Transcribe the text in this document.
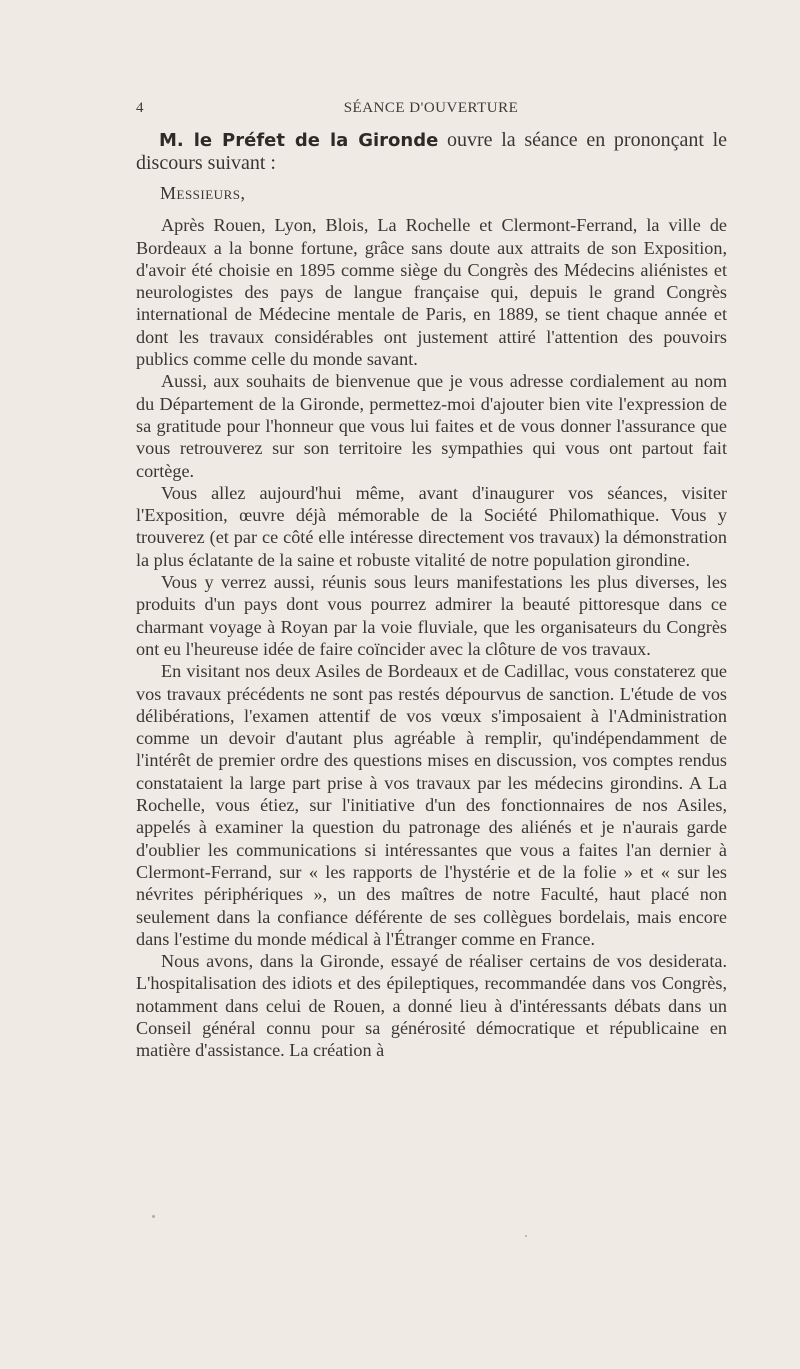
4	SÉANCE D'OUVERTURE

M. le Préfet de la Gironde ouvre la séance en prononçant le discours suivant :

Messieurs,

Après Rouen, Lyon, Blois, La Rochelle et Clermont-Ferrand, la ville de Bordeaux a la bonne fortune, grâce sans doute aux attraits de son Exposition, d'avoir été choisie en 1895 comme siège du Congrès des Médecins aliénistes et neurologistes des pays de langue française qui, depuis le grand Congrès international de Médecine mentale de Paris, en 1889, se tient chaque année et dont les travaux considérables ont justement attiré l'attention des pouvoirs publics comme celle du monde savant.

Aussi, aux souhaits de bienvenue que je vous adresse cordialement au nom du Département de la Gironde, permettez-moi d'ajouter bien vite l'expression de sa gratitude pour l'honneur que vous lui faites et de vous donner l'assurance que vous retrouverez sur son territoire les sympathies qui vous ont partout fait cortège.

Vous allez aujourd'hui même, avant d'inaugurer vos séances, visiter l'Exposition, œuvre déjà mémorable de la Société Philomathique. Vous y trouverez (et par ce côté elle intéresse directement vos travaux) la démonstration la plus éclatante de la saine et robuste vitalité de notre population girondine.

Vous y verrez aussi, réunis sous leurs manifestations les plus diverses, les produits d'un pays dont vous pourrez admirer la beauté pittoresque dans ce charmant voyage à Royan par la voie fluviale, que les organisateurs du Congrès ont eu l'heureuse idée de faire coïncider avec la clôture de vos travaux.

En visitant nos deux Asiles de Bordeaux et de Cadillac, vous constaterez que vos travaux précédents ne sont pas restés dépourvus de sanction. L'étude de vos délibérations, l'examen attentif de vos vœux s'imposaient à l'Administration comme un devoir d'autant plus agréable à remplir, qu'indépendamment de l'intérêt de premier ordre des questions mises en discussion, vos comptes rendus constataient la large part prise à vos travaux par les médecins girondins. A La Rochelle, vous étiez, sur l'initiative d'un des fonctionnaires de nos Asiles, appelés à examiner la question du patronage des aliénés et je n'aurais garde d'oublier les communications si intéressantes que vous a faites l'an dernier à Clermont-Ferrand, sur « les rapports de l'hystérie et de la folie » et « sur les névrites périphériques », un des maîtres de notre Faculté, haut placé non seulement dans la confiance déférente de ses collègues bordelais, mais encore dans l'estime du monde médical à l'Étranger comme en France.

Nous avons, dans la Gironde, essayé de réaliser certains de vos desiderata. L'hospitalisation des idiots et des épileptiques, recommandée dans vos Congrès, notamment dans celui de Rouen, a donné lieu à d'intéressants débats dans un Conseil général connu pour sa générosité démocratique et républicaine en matière d'assistance. La création à
